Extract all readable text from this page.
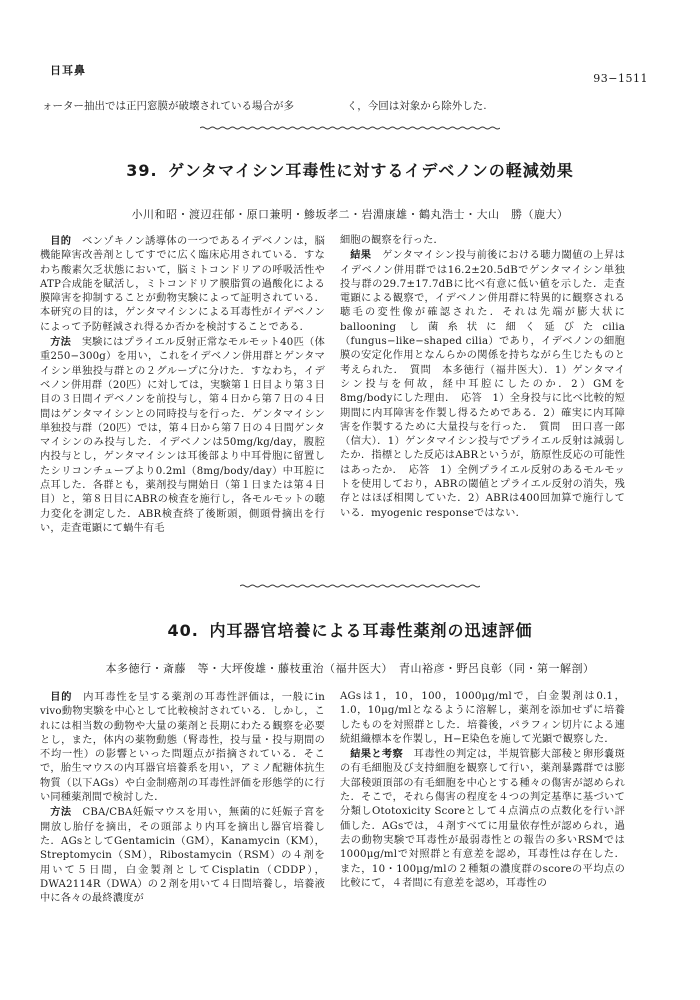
日耳鼻
93−1511
ォーター抽出では正円窓膜が破壊されている場合が多	く，今回は対象から除外した.
39. ゲンタマイシン耳毒性に対するイデベノンの軽減効果
小川和昭・渡辺荘郁・原口兼明・鯵坂孝二・岩淵康雄・鶴丸浩士・大山　勝（鹿大）

目的　 ベンゾキノン誘導体の一つであるイデベノンは，脳機能障害改善剤としてすでに広く臨床応用されている．すなわち酸素欠乏状態において，脳ミトコンドリアの呼吸活性やATP合成能を賦活し，ミトコンドリア膜脂質の過酸化による膜障害を抑制することが動物実験によって証明されている．本研究の目的は，ゲンタマイシンによる耳毒性がイデベノンによって予防軽減され得るか否かを検討することである．

方法　 実験にはプライエル反射正常なモルモット40匹（体重250−300g）を用い，これをイデベノン併用群とゲンタマイシン単独投与群との２グループに分けた．すなわち，イデベノン併用群（20匹）に対しては，実験第１日目より第３日目の３日間イデベノンを前投与し，第４日から第７日の４日間はゲンタマイシンとの同時投与を行った．ゲンタマイシン単独投与群（20匹）では，第４日から第７日の４日間ゲンタマイシンのみ投与した．イデベノンは50mg/kg/day，腹腔内投与とし，ゲンタマイシンは耳後部より中耳骨胞に留置したシリコンチューブより0.2ml（8mg/body/day）中耳腔に点耳した．各群とも，薬剤投与開始日（第１日または第４日目）と，第８日目にABRの検査を施行し，各モルモットの聴力変化を測定した．ABR検査終了後断頭，側頭骨摘出を行い，走査電顕にて蝸牛有毛

細胞の観察を行った．

結果　 ゲンタマイシン投与前後における聴力閾値の上昇はイデベノン併用群では16.2±20.5dBでゲンタマイシン単独投与群の29.7±17.7dBに比べ有意に低い値を示した．走査電顕による観察で，イデベノン併用群に特異的に観察される聴毛の変性像が確認された．それは先端が膨大状にballooning し菌糸状に細く延びたcilia（fungus−like−shaped cilia）であり，イデベノンの細胞膜の安定化作用となんらかの関係を持ちながら生じたものと考えられた．　質問　本多徳行（福井医大）．1）ゲンタマイシン投与を何故，経中耳腔にしたのか．2）GMを8mg/bodyにした理由．　応答　1）全身投与に比べ比較的短期間に内耳障害を作製し得るためである．2）確実に内耳障害を作製するために大量投与を行った．　質問　田口喜一郎（信大）．1）ゲンタマイシン投与でプライエル反射は減弱したか．指標とした反応はABRというが，筋原性反応の可能性はあったか．　応答　1）全例プライエル反射のあるモルモットを使用しており，ABRの閾値とプライエル反射の消失，残存とはほぼ相関していた．2）ABRは400回加算で施行している．myogenic responseではない．

40. 内耳器官培養による耳毒性薬剤の迅速評価
本多徳行・斎藤　等・大坪俊雄・藤枝重治（福井医大）　青山裕彦・野呂良彰（同・第一解剖）

目的　 内耳毒性を呈する薬剤の耳毒性評価は，一般にin vivo動物実験を中心として比較検討されている．しかし，これには相当数の動物や大量の薬剤と長期にわたる観察を必要とし，また，体内の薬物動態（腎毒性，投与量・投与期間の不均一性）の影響といった問題点が指摘されている．そこで，胎生マウスの内耳器官培養系を用い，アミノ配糖体抗生物質（以下AGs）や白金制癌剤の耳毒性評価を形態学的に行い同種薬剤間で検討した．

方法　 CBA/CBA妊娠マウスを用い，無菌的に妊娠子宮を開放し胎仔を摘出，その頭部より内耳を摘出し器官培養した．AGsとしてGentamicin（GM），Kanamycin（KM），Streptomycin（SM），Ribostamycin（RSM）の４剤を用いて５日間，白金製剤としてCisplatin（CDDP），DWA2114R（DWA）の２剤を用いて４日間培養し，培養液中に各々の最終濃度が

AGsは1，10，100，1000μg/mlで，白金製剤は0.1，1.0，10μg/mlとなるように溶解し，薬剤を添加せずに培養したものを対照群とした．培養後，パラフィン切片による連続組織標本を作製し，H−E染色を施して光顕で観察した．

結果と考察　 耳毒性の判定は，半規管膨大部稜と卵形嚢斑の有毛細胞及び支持細胞を観察して行い，薬剤暴露群では膨大部稜頭頂部の有毛細胞を中心とする種々の傷害が認められた．そこで，それら傷害の程度を４つの判定基準に基づいて分類しOtotoxicity Scoreとして４点満点の点数化を行い評価した．AGsでは，４剤すべてに用量依存性が認められ，過去の動物実験で耳毒性が最弱毒性との報告の多いRSMでは1000μg/mlで対照群と有意差を認め，耳毒性は存在した．また，10・100μg/mlの２種類の濃度群のscoreの平均点の比較にて，４者間に有意差を認め，耳毒性の
